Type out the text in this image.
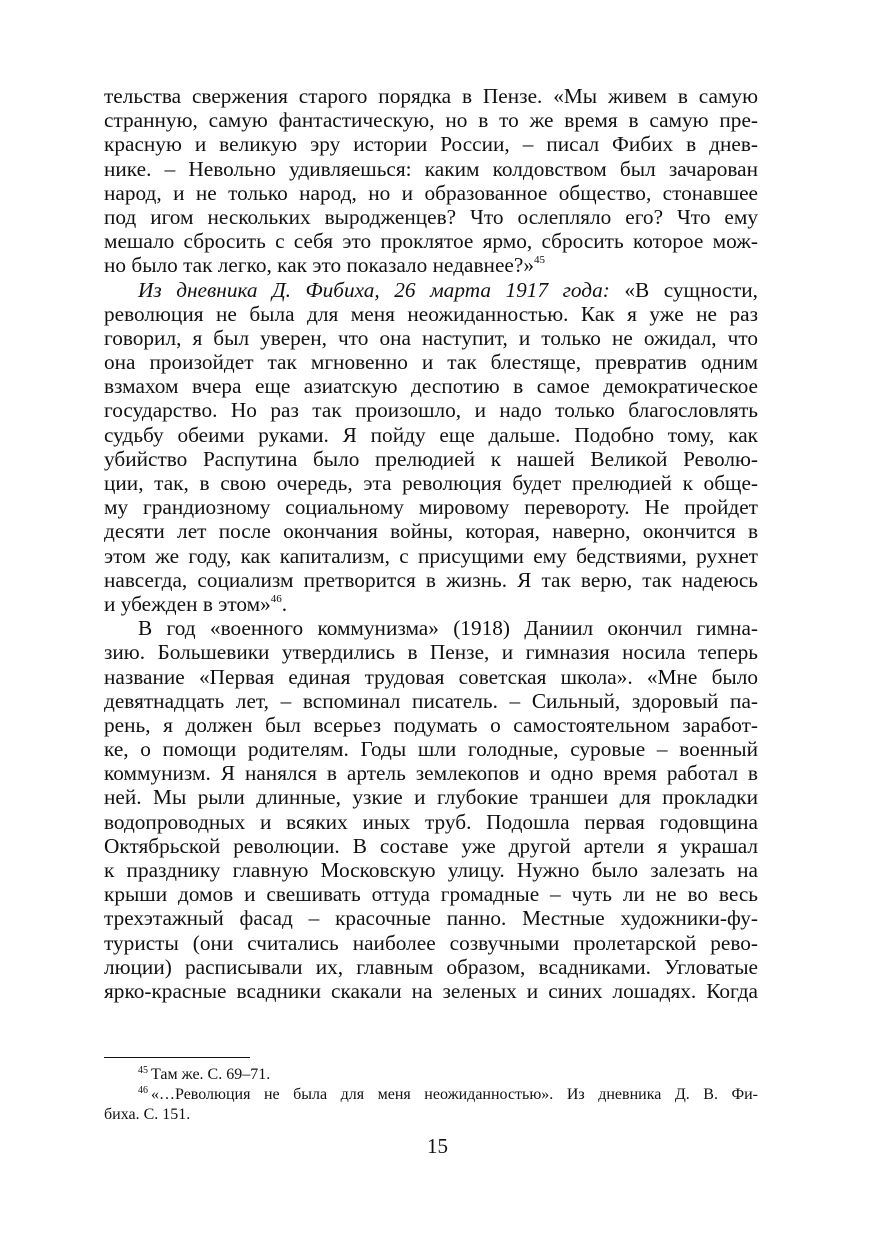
тельства свержения старого порядка в Пензе. «Мы живем в самую
странную, самую фантастическую, но в то же время в самую пре-
красную и великую эру истории России, – писал Фибих в днев-
нике. – Невольно удивляешься: каким колдовством был зачарован
народ, и не только народ, но и образованное общество, стонавшее
под игом нескольких выродженцев? Что ослепляло его? Что ему
мешало сбросить с себя это проклятое ярмо, сбросить которое мож-
но было так легко, как это показало недавнее?»$^{45}$
Из дневника Д. Фибиха, 26 марта 1917 года: «В сущности,
революция не была для меня неожиданностью. Как я уже не раз
говорил, я был уверен, что она наступит, и только не ожидал, что
она произойдет так мгновенно и так блестяще, превратив одним
взмахом вчера еще азиатскую деспотию в самое демократическое
государство. Но раз так произошло, и надо только благословлять
судьбу обеими руками. Я пойду еще дальше. Подобно тому, как
убийство Распутина было прелюдией к нашей Великой Револю-
ции, так, в свою очередь, эта революция будет прелюдией к обще-
му грандиозному социальному мировому перевороту. Не пройдет
десяти лет после окончания войны, которая, наверно, окончится в
этом же году, как капитализм, с присущими ему бедствиями, рухнет
навсегда, социализм претворится в жизнь. Я так верю, так надеюсь
и убежден в этом»$^{46}$.
В год «военного коммунизма» (1918) Даниил окончил гимна-
зию. Большевики утвердились в Пензе, и гимназия носила теперь
название «Первая единая трудовая советская школа». «Мне было
девятнадцать лет, – вспоминал писатель. – Сильный, здоровый па-
рень, я должен был всерьез подумать о самостоятельном заработ-
ке, о помощи родителям. Годы шли голодные, суровые – военный
коммунизм. Я нанялся в артель землекопов и одно время работал в
ней. Мы рыли длинные, узкие и глубокие траншеи для прокладки
водопроводных и всяких иных труб. Подошла первая годовщина
Октябрьской революции. В составе уже другой артели я украшал
к празднику главную Московскую улицу. Нужно было залезать на
крыши домов и свешивать оттуда громадные – чуть ли не во весь
трехэтажный фасад – красочные панно. Местные художники-фу-
туристы (они считались наиболее созвучными пролетарской рево-
люции) расписывали их, главным образом, всадниками. Угловатые
ярко-красные всадники скакали на зеленых и синих лошадях. Когда
$^{45}$ Там же. С. 69–71.
$^{46}$ «…Революция не была для меня неожиданностью». Из дневника Д. В. Фи-
биха. С. 151.
15
